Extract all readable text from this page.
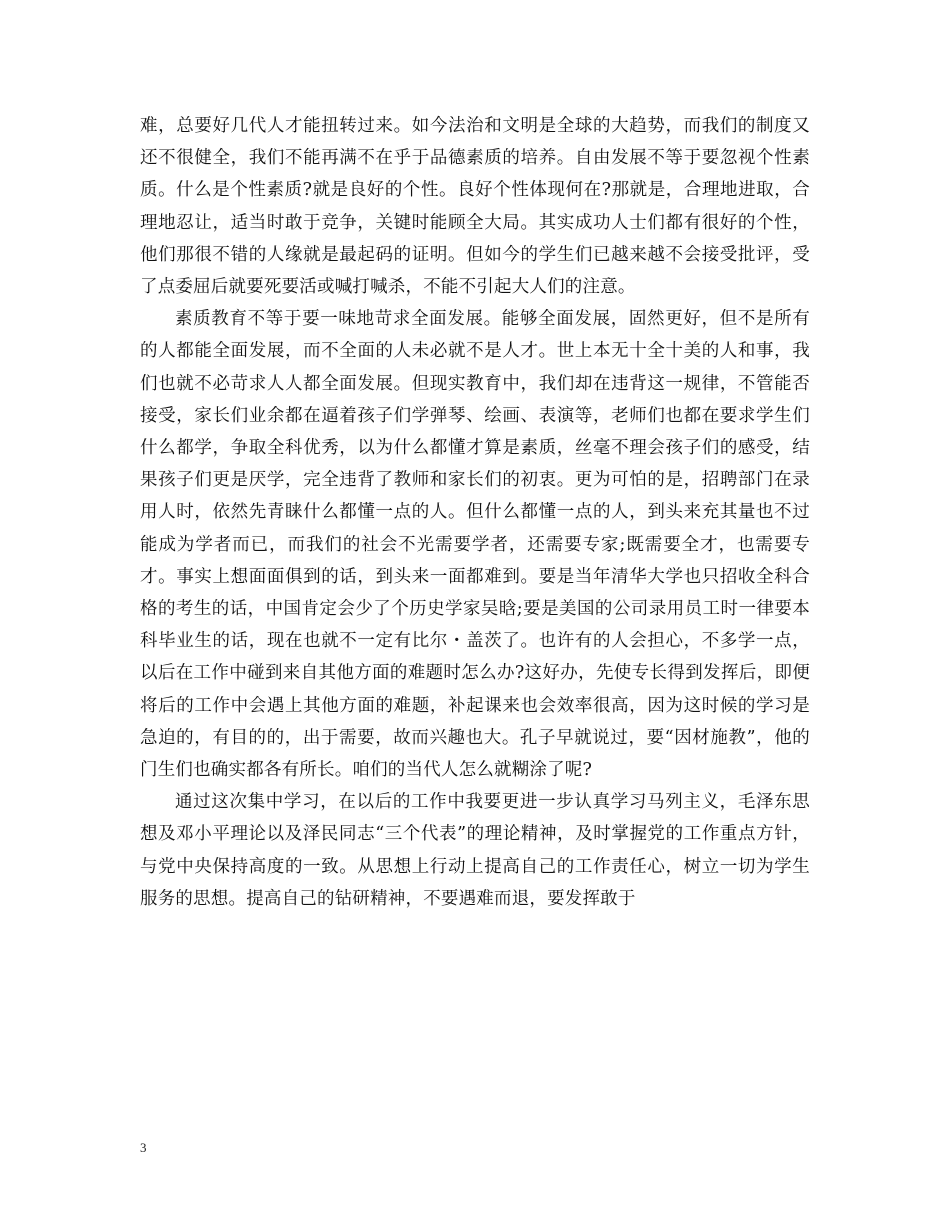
难，总要好几代人才能扭转过来。如今法治和文明是全球的大趋势，而我们的制度又还不很健全，我们不能再满不在乎于品德素质的培养。自由发展不等于要忽视个性素质。什么是个性素质?就是良好的个性。良好个性体现何在?那就是，合理地进取，合理地忍让，适当时敢于竞争，关键时能顾全大局。其实成功人士们都有很好的个性，他们那很不错的人缘就是最起码的证明。但如今的学生们已越来越不会接受批评，受了点委屈后就要死要活或喊打喊杀，不能不引起大人们的注意。

素质教育不等于要一味地苛求全面发展。能够全面发展，固然更好，但不是所有的人都能全面发展，而不全面的人未必就不是人才。世上本无十全十美的人和事，我们也就不必苛求人人都全面发展。但现实教育中，我们却在违背这一规律，不管能否接受，家长们业余都在逼着孩子们学弹琴、绘画、表演等，老师们也都在要求学生们什么都学，争取全科优秀，以为什么都懂才算是素质，丝毫不理会孩子们的感受，结果孩子们更是厌学，完全违背了教师和家长们的初衷。更为可怕的是，招聘部门在录用人时，依然先青睐什么都懂一点的人。但什么都懂一点的人，到头来充其量也不过能成为学者而已，而我们的社会不光需要学者，还需要专家;既需要全才，也需要专才。事实上想面面俱到的话，到头来一面都难到。要是当年清华大学也只招收全科合格的考生的话，中国肯定会少了个历史学家吴晗;要是美国的公司录用员工时一律要本科毕业生的话，现在也就不一定有比尔・盖茨了。也许有的人会担心，不多学一点，以后在工作中碰到来自其他方面的难题时怎么办?这好办，先使专长得到发挥后，即便将后的工作中会遇上其他方面的难题，补起课来也会效率很高，因为这时候的学习是急迫的，有目的的，出于需要，故而兴趣也大。孔子早就说过，要“因材施教”，他的门生们也确实都各有所长。咱们的当代人怎么就糊涂了呢?

通过这次集中学习，在以后的工作中我要更进一步认真学习马列主义，毛泽东思想及邓小平理论以及泽民同志“三个代表”的理论精神，及时掌握党的工作重点方针，与党中央保持高度的一致。从思想上行动上提高自己的工作责任心，树立一切为学生服务的思想。提高自己的钻研精神，不要遇难而退，要发挥敢于

3
